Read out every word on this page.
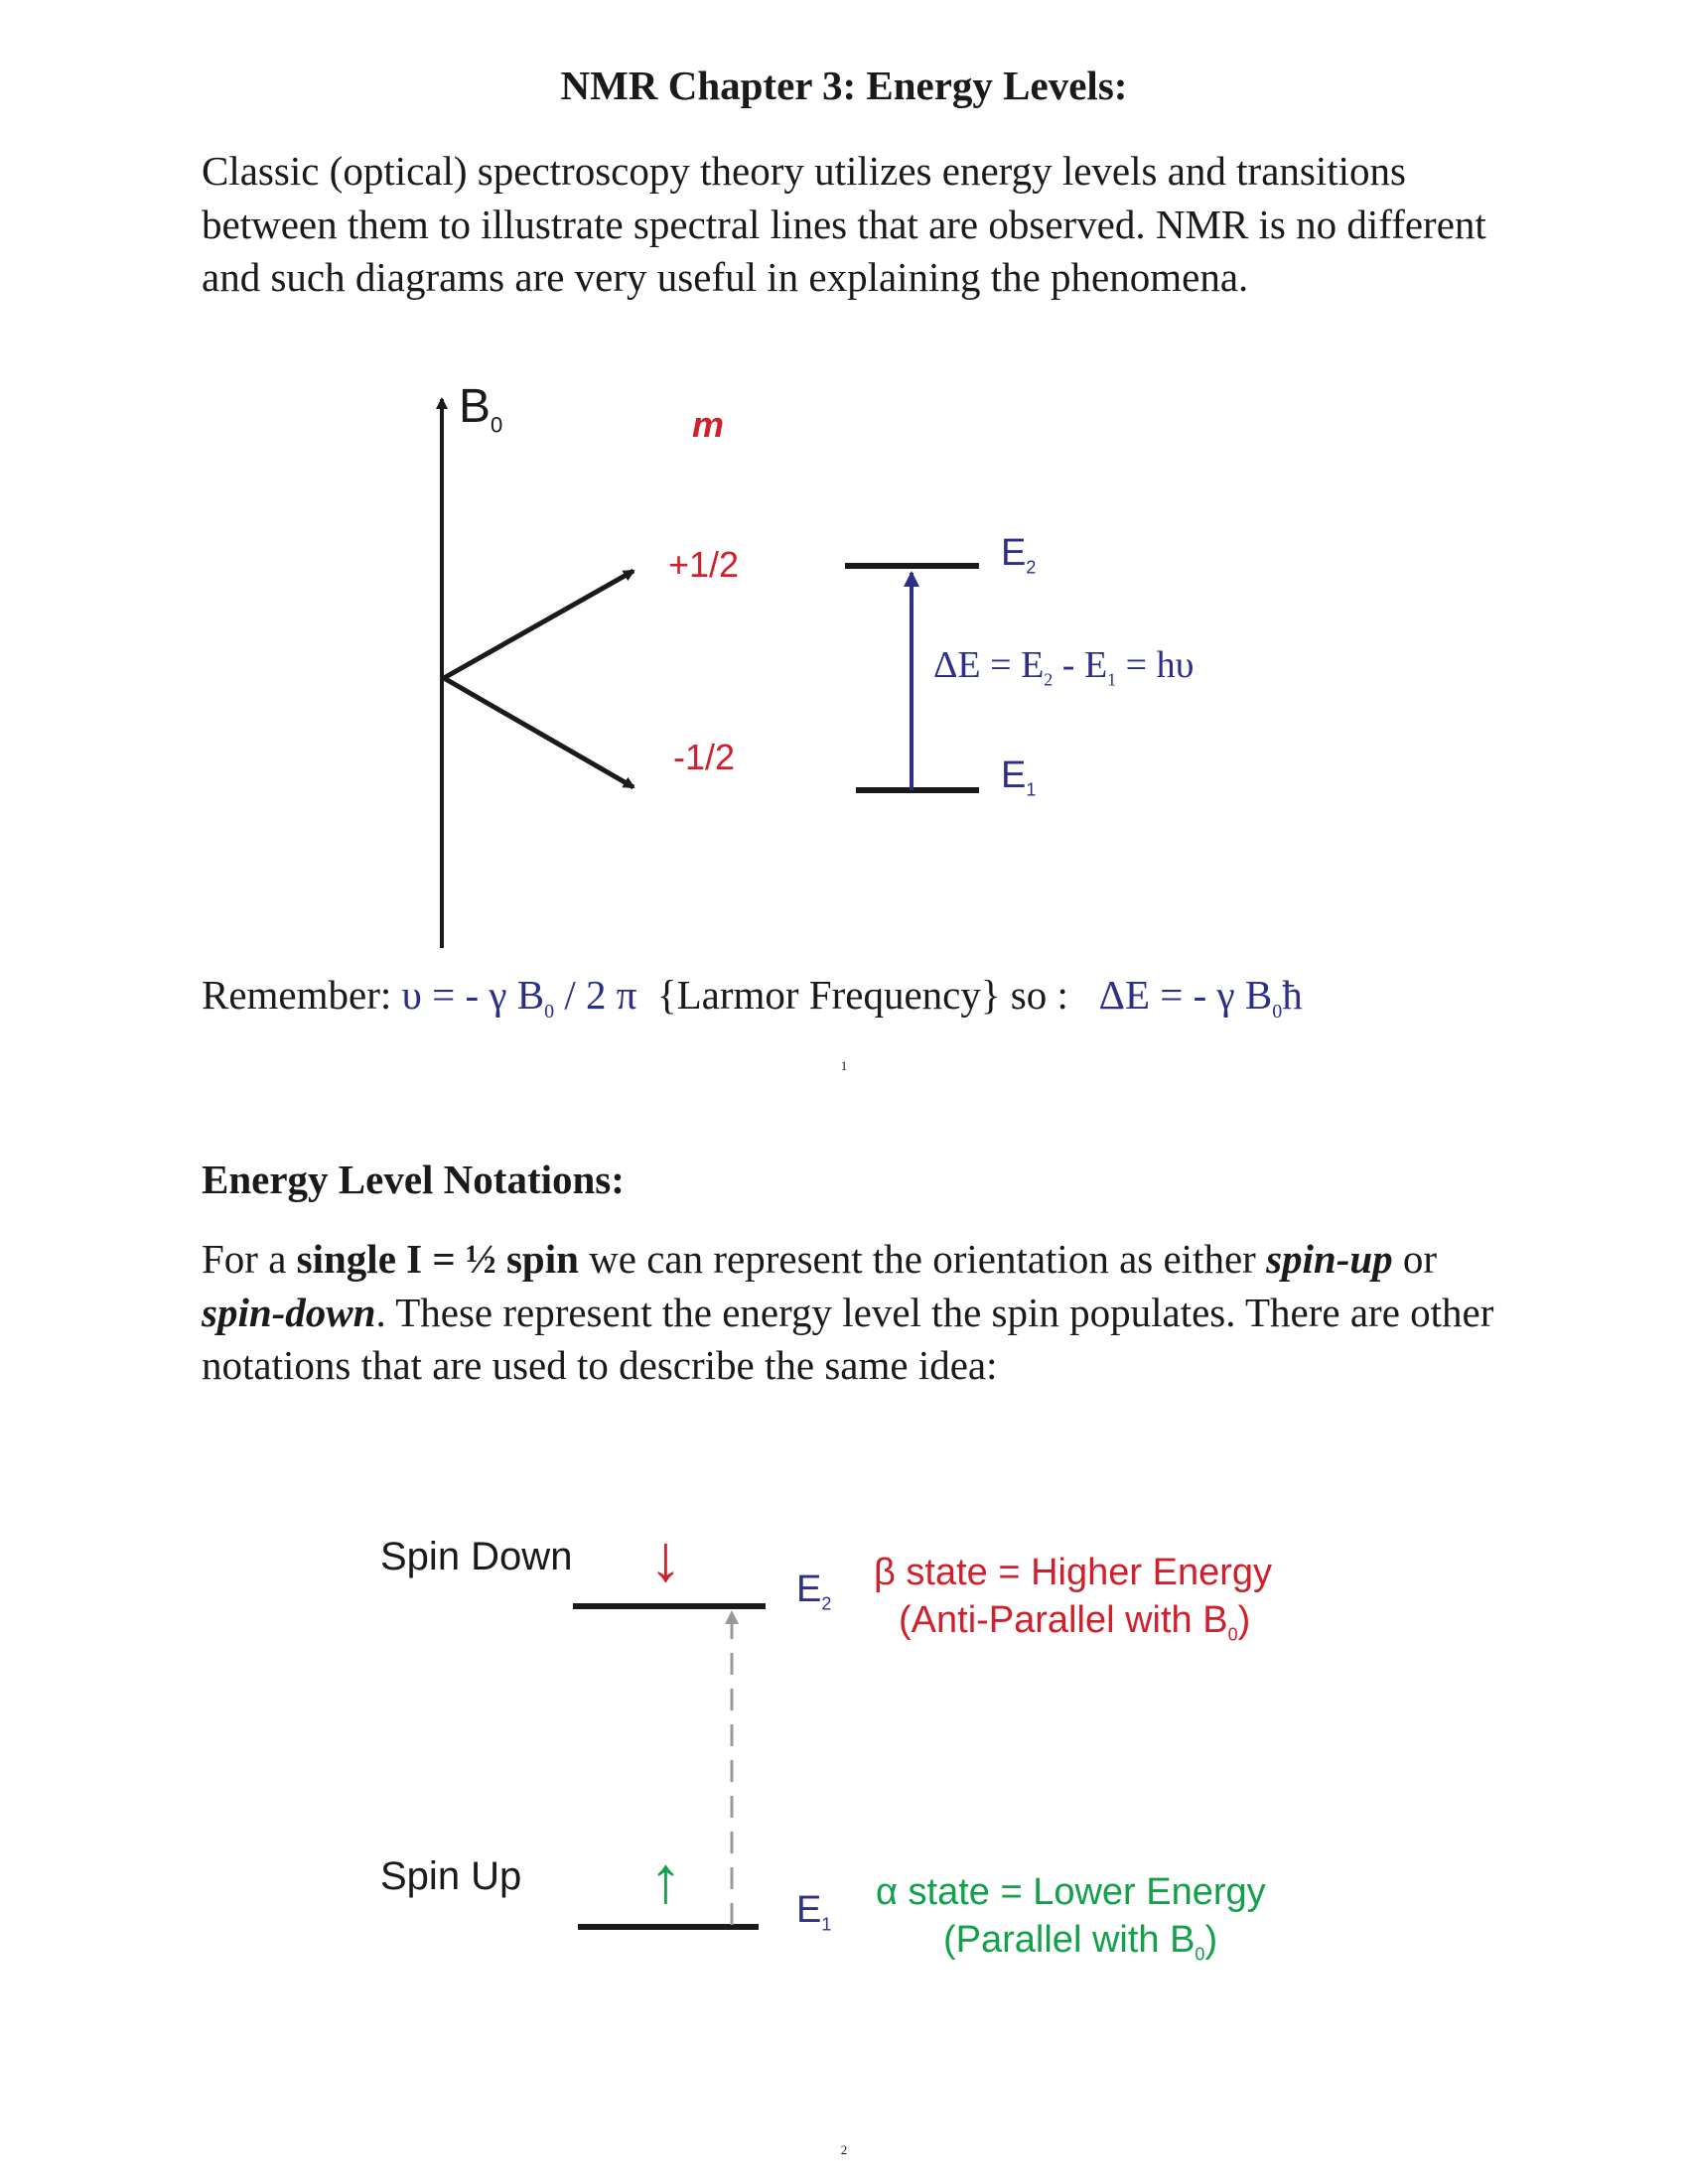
NMR Chapter 3: Energy Levels:

Classic (optical) spectroscopy theory utilizes energy levels and transitions between them to illustrate spectral lines that are observed. NMR is no different and such diagrams are very useful in explaining the phenomena.

$B_0$	m
+1/2
-1/2
$E_2$
$E_1$
$\Delta E = E_2 - E_1 = h\upsilon$
Remember: υ = - γ $B_0 / 2$ π  {Larmor Frequency} so :   ΔE = - γ $B_0ħ$
1
Energy Level Notations:

For a single I = ½ spin we can represent the orientation as either spin-up or spin-down. These represent the energy level the spin populates. There are other notations that are used to describe the same idea:

Spin Down
Spin Up
↓
↑
$E_2$
$E_1$
β state = Higher Energy
(Anti-Parallel with $B_0$)
α state = Lower Energy
(Parallel with $B_0$)
2
